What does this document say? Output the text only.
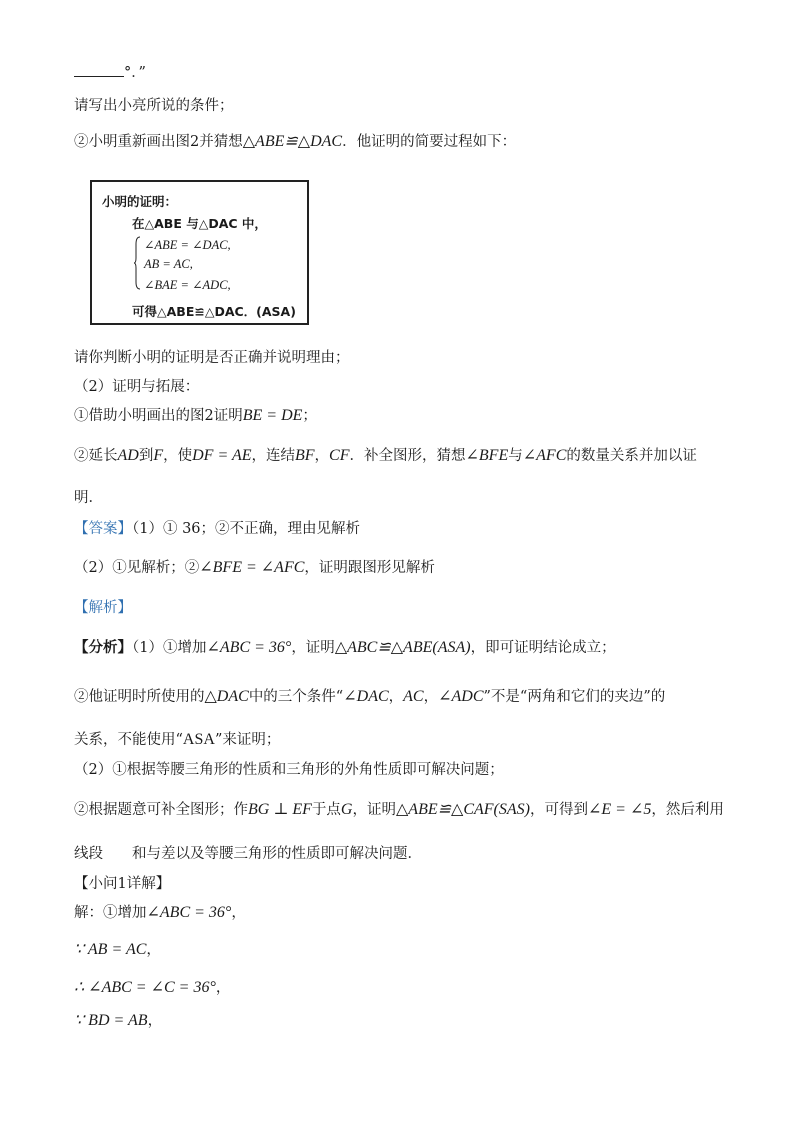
°．”
请写出小亮所说的条件；
②小明重新画出图2并猜想△ABE≌△DAC．他证明的简要过程如下：
小明的证明：
在△ABE 与△DAC 中，
∠ABE = ∠DAC,
AB = AC,
∠BAE = ∠ADC,
可得△ABE≌△DAC．(ASA)
请你判断小明的证明是否正确并说明理由；
（2）证明与拓展：
①借助小明画出的图2证明BE = DE；
②延长AD到F，使DF = AE，连结BF，CF．补全图形，猜想∠BFE与∠AFC的数量关系并加以证
明．
【答案】（1）① 36；②不正确，理由见解析
（2）①见解析；②∠BFE = ∠AFC，证明跟图形见解析
【解析】
【分析】（1）①增加∠ABC = 36°，证明△ABC≌△ABE(ASA)，即可证明结论成立；
②他证明时所使用的△DAC中的三个条件“∠DAC，AC，∠ADC”不是“两角和它们的夹边”的
关系，不能使用“ASA”来证明；
（2）①根据等腰三角形的性质和三角形的外角性质即可解决问题；
②根据题意可补全图形；作BG ⊥ EF于点G，证明△ABE≌△CAF(SAS)，可得到∠E = ∠5，然后利用
线段　　和与差以及等腰三角形的性质即可解决问题．
【小问1详解】
解：①增加∠ABC = 36°，
∵ AB = AC，
∴ ∠ABC = ∠C = 36°，
∵ BD = AB，
